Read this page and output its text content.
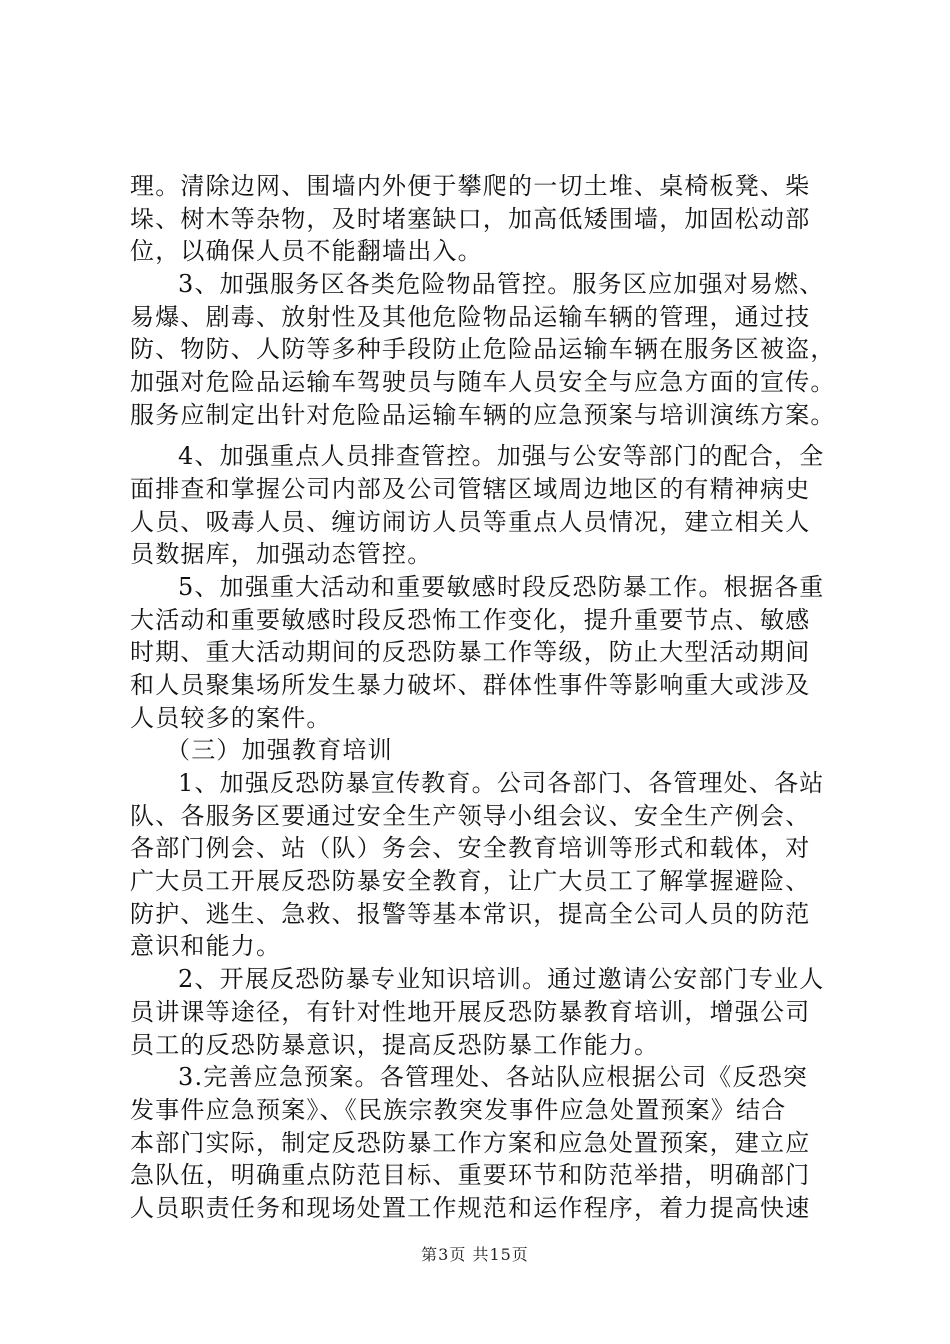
理。清除边网、围墙内外便于攀爬的一切土堆、桌椅板凳、柴
垛、树木等杂物，及时堵塞缺口，加高低矮围墙，加固松动部
位，以确保人员不能翻墙出入。
3、加强服务区各类危险物品管控。服务区应加强对易燃、
易爆、剧毒、放射性及其他危险物品运输车辆的管理，通过技
防、物防、人防等多种手段防止危险品运输车辆在服务区被盗，
加强对危险品运输车驾驶员与随车人员安全与应急方面的宣传。
服务应制定出针对危险品运输车辆的应急预案与培训演练方案。
4、加强重点人员排查管控。加强与公安等部门的配合，全
面排查和掌握公司内部及公司管辖区域周边地区的有精神病史
人员、吸毒人员、缠访闹访人员等重点人员情况，建立相关人
员数据库，加强动态管控。
5、加强重大活动和重要敏感时段反恐防暴工作。根据各重
大活动和重要敏感时段反恐怖工作变化，提升重要节点、敏感
时期、重大活动期间的反恐防暴工作等级，防止大型活动期间
和人员聚集场所发生暴力破坏、群体性事件等影响重大或涉及
人员较多的案件。
（三）加强教育培训
1、加强反恐防暴宣传教育。公司各部门、各管理处、各站
队、各服务区要通过安全生产领导小组会议、安全生产例会、
各部门例会、站（队）务会、安全教育培训等形式和载体，对
广大员工开展反恐防暴安全教育，让广大员工了解掌握避险、
防护、逃生、急救、报警等基本常识，提高全公司人员的防范
意识和能力。
2、开展反恐防暴专业知识培训。通过邀请公安部门专业人
员讲课等途径，有针对性地开展反恐防暴教育培训，增强公司
员工的反恐防暴意识，提高反恐防暴工作能力。
3.完善应急预案。各管理处、各站队应根据公司《反恐突
发事件应急预案》、《民族宗教突发事件应急处置预案》结合
本部门实际，制定反恐防暴工作方案和应急处置预案，建立应
急队伍，明确重点防范目标、重要环节和防范举措，明确部门
人员职责任务和现场处置工作规范和运作程序，着力提高快速
第3页 共15页
